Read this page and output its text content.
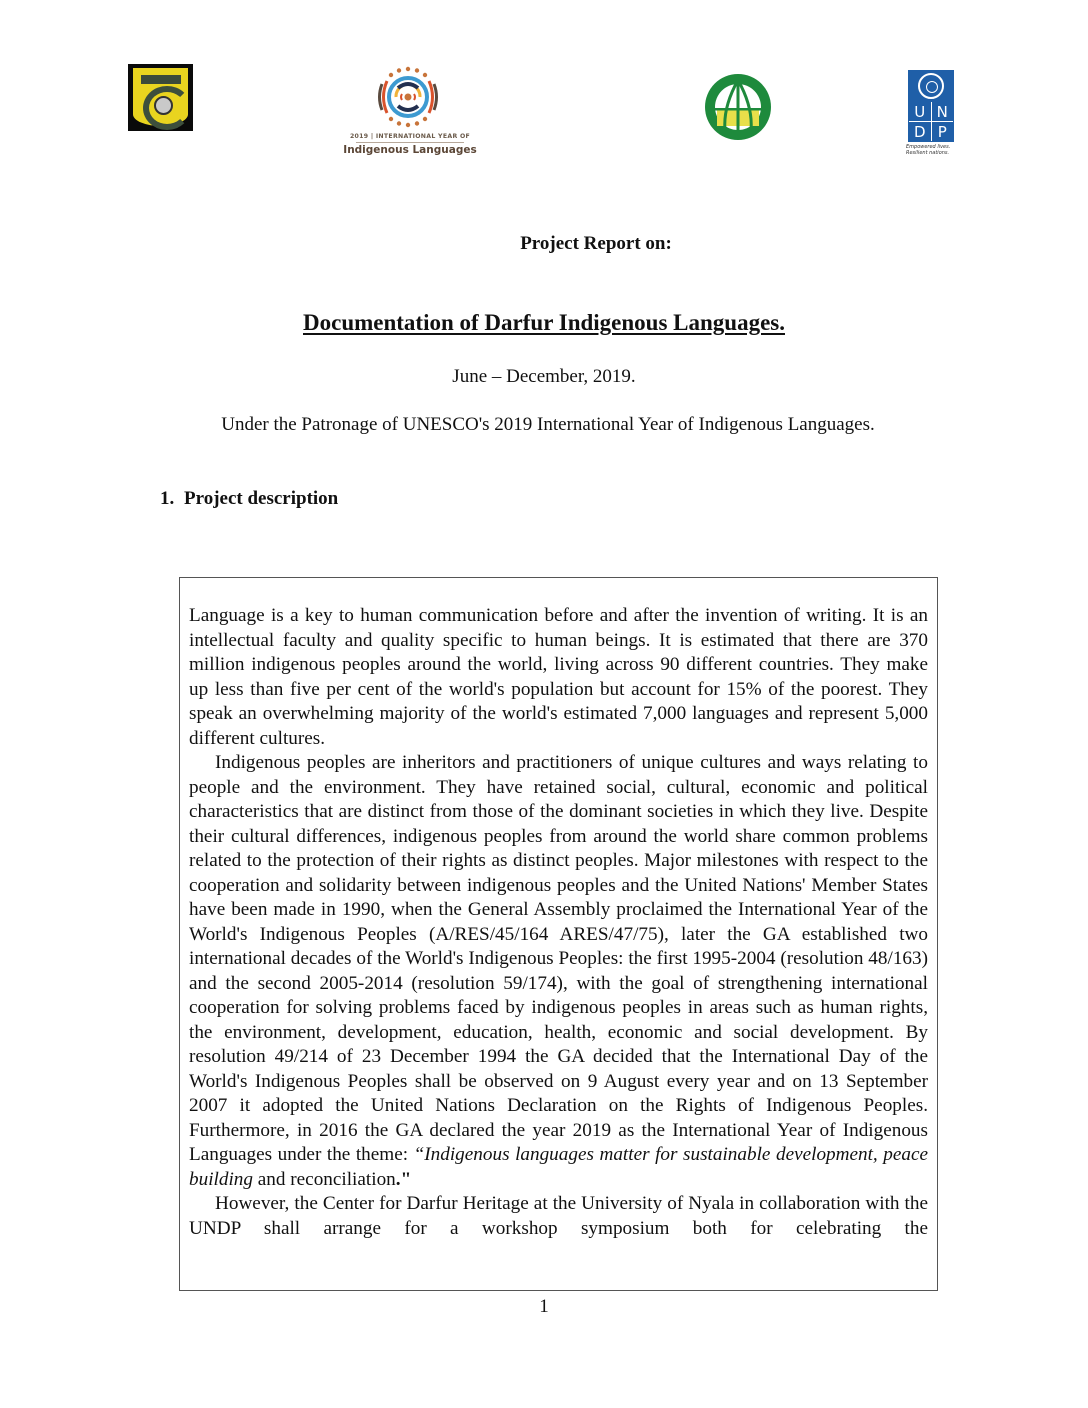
2019 | INTERNATIONAL YEAR OF
Indigenous Languages
U N
D P
Empowered lives. Resilient nations.
Project Report on:
Documentation of Darfur Indigenous Languages.
June – December, 2019.
Under the Patronage of UNESCO's 2019 International Year of Indigenous Languages.
1. Project description

Language is a key to human communication before and after the invention of writing. It is an intellectual faculty and quality specific to human beings. It is estimated that there are 370 million indigenous peoples around the world, living across 90 different countries. They make up less than five per cent of the world's population but account for 15% of the poorest. They speak an overwhelming majority of the world's estimated 7,000 languages and represent 5,000 different cultures.

Indigenous peoples are inheritors and practitioners of unique cultures and ways relating to people and the environment. They have retained social, cultural, economic and political characteristics that are distinct from those of the dominant societies in which they live. Despite their cultural differences, indigenous peoples from around the world share common problems related to the protection of their rights as distinct peoples. Major milestones with respect to the cooperation and solidarity between indigenous peoples and the United Nations' Member States have been made in 1990, when the General Assembly proclaimed the International Year of the World's Indigenous Peoples (A/RES/45/164 ARES/47/75), later the GA established two international decades of the World's Indigenous Peoples: the first 1995-2004 (resolution 48/163) and the second 2005-2014 (resolution 59/174), with the goal of strengthening international cooperation for solving problems faced by indigenous peoples in areas such as human rights, the environment, development, education, health, economic and social development. By resolution 49/214 of 23 December 1994 the GA decided that the International Day of the World's Indigenous Peoples shall be observed on 9 August every year and on 13 September 2007 it adopted the United Nations Declaration on the Rights of Indigenous Peoples. Furthermore, in 2016 the GA declared the year 2019 as the International Year of Indigenous Languages under the theme: “Indigenous languages matter for sustainable development, peace building and reconciliation."

However, the Center for Darfur Heritage at the University of Nyala in collaboration with the UNDP shall arrange for a workshop symposium both for celebrating the

1
